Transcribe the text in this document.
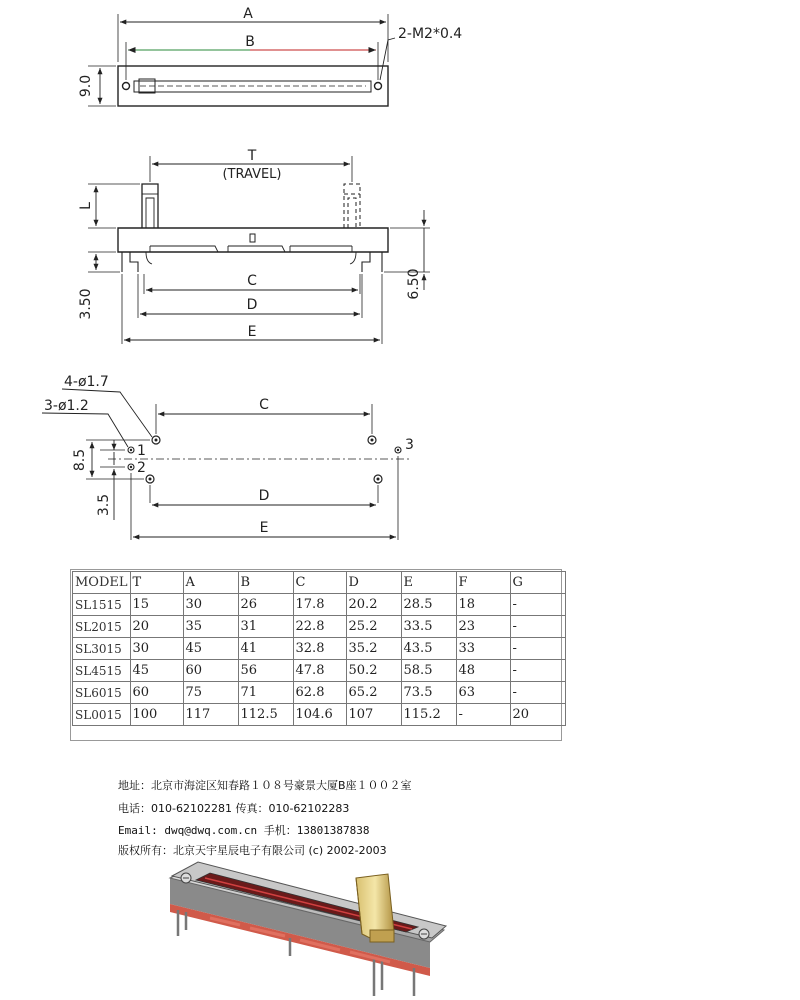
A
B
9.0
2-M2*0.4
T
(TRAVEL)
L
3.50
6.50
C
D
E
4-ø1.7
3-ø1.2	C
D
E
8.5
3.5
1
2
3
MODEL	T	A	B	C	D	E	F	G
SL1515	15	30	26	17.8	20.2	28.5	18	-
SL2015	20	35	31	22.8	25.2	33.5	23	-
SL3015	30	45	41	32.8	35.2	43.5	33	-
SL4515	45	60	56	47.8	50.2	58.5	48	-
SL6015	60	75	71	62.8	65.2	73.5	63	-
SL0015	100	117	112.5	104.6	107	115.2	-	20
地址：北京市海淀区知春路１０８号豪景大厦B座１００２室
电话：010-62102281 传真：010-62102283
Email: dwq@dwq.com.cn 手机：13801387838
版权所有：北京天宇星辰电子有限公司 (c) 2002-2003
